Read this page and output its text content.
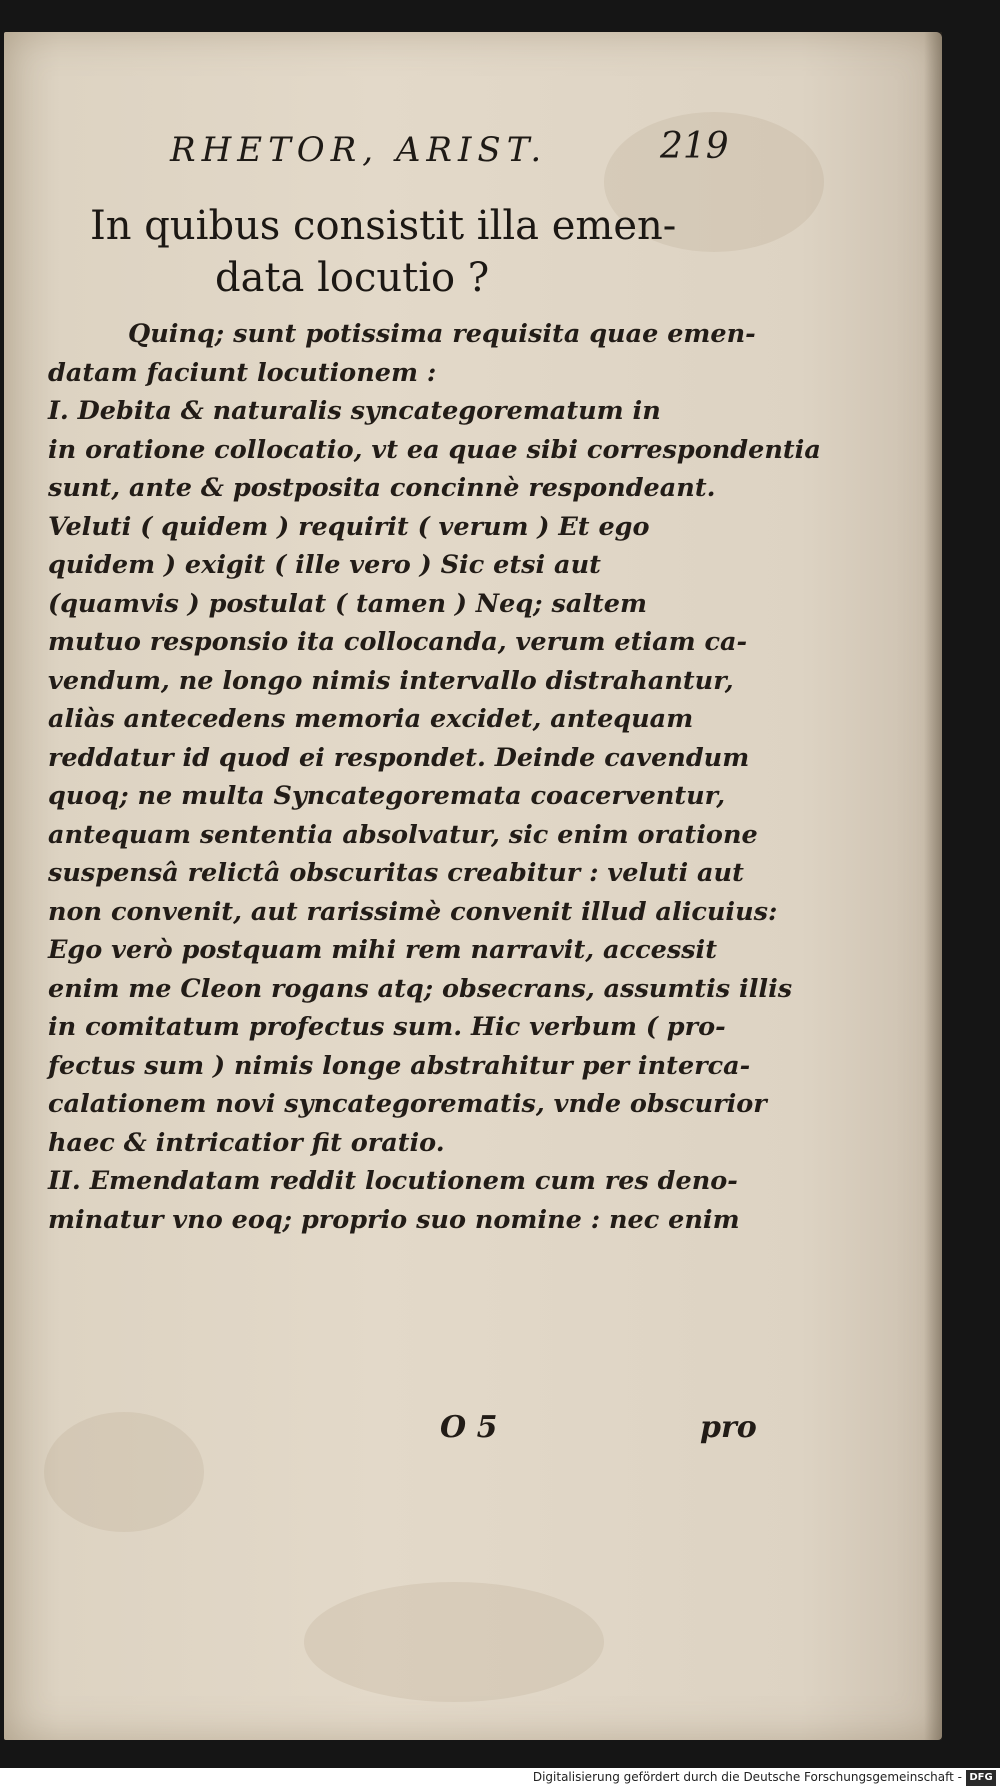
RHETOR, ARIST.	219
In quibus consistit illa emen-
data locutio ?
Quinq; sunt potissima requisita quae emen-
datam faciunt locutionem :
I. Debita & naturalis syncategorematum in
in oratione collocatio, vt ea quae sibi correspondentia
sunt, ante & postposita concinnè respondeant.
Veluti ( quidem ) requirit ( verum ) Et ego
quidem ) exigit ( ille vero ) Sic etsi aut
(quamvis ) postulat ( tamen ) Neq; saltem
mutuo responsio ita collocanda, verum etiam ca-
vendum, ne longo nimis intervallo distrahantur,
aliàs antecedens memoria excidet, antequam
reddatur id quod ei respondet. Deinde cavendum
quoq; ne multa Syncategoremata coacerventur,
antequam sententia absolvatur, sic enim oratione
suspensâ relictâ obscuritas creabitur : veluti aut
non convenit, aut rarissimè convenit illud alicuius:
Ego verò postquam mihi rem narravit, accessit
enim me Cleon rogans atq; obsecrans, assumtis illis
in comitatum profectus sum. Hic verbum ( pro-
fectus sum ) nimis longe abstrahitur per interca-
calationem novi syncategorematis, vnde obscurior
haec & intricatior fit oratio.
II. Emendatam reddit locutionem cum res deno-
minatur vno eoq; proprio suo nomine : nec enim
O 5	pro
Digitalisierung gefördert durch die Deutsche Forschungsgemeinschaft - DFG
